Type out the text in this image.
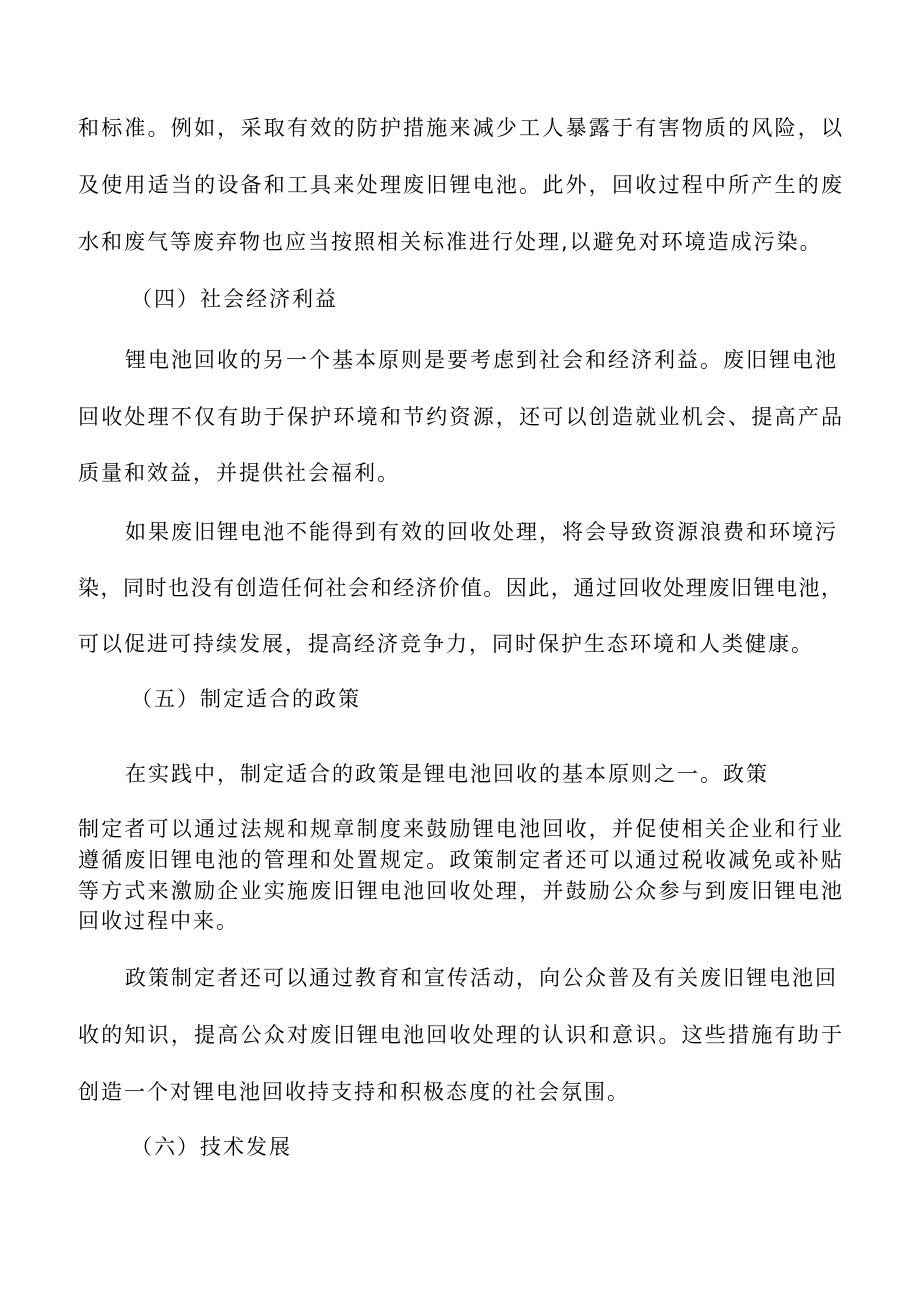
和标准。例如，采取有效的防护措施来减少工人暴露于有害物质的风险，以
及使用适当的设备和工具来处理废旧锂电池。此外，回收过程中所产生的废
水和废气等废弃物也应当按照相关标准进行处理,以避免对环境造成污染。
（四）社会经济利益
锂电池回收的另一个基本原则是要考虑到社会和经济利益。废旧锂电池
回收处理不仅有助于保护环境和节约资源，还可以创造就业机会、提高产品
质量和效益，并提供社会福利。
如果废旧锂电池不能得到有效的回收处理，将会导致资源浪费和环境污
染，同时也没有创造任何社会和经济价值。因此，通过回收处理废旧锂电池，
可以促进可持续发展，提高经济竞争力，同时保护生态环境和人类健康。
（五）制定适合的政策
在实践中，制定适合的政策是锂电池回收的基本原则之一。政策
制定者可以通过法规和规章制度来鼓励锂电池回收，并促使相关企业和行业
遵循废旧锂电池的管理和处置规定。政策制定者还可以通过税收减免或补贴
等方式来激励企业实施废旧锂电池回收处理，并鼓励公众参与到废旧锂电池
回收过程中来。
政策制定者还可以通过教育和宣传活动，向公众普及有关废旧锂电池回
收的知识，提高公众对废旧锂电池回收处理的认识和意识。这些措施有助于
创造一个对锂电池回收持支持和积极态度的社会氛围。
（六）技术发展
